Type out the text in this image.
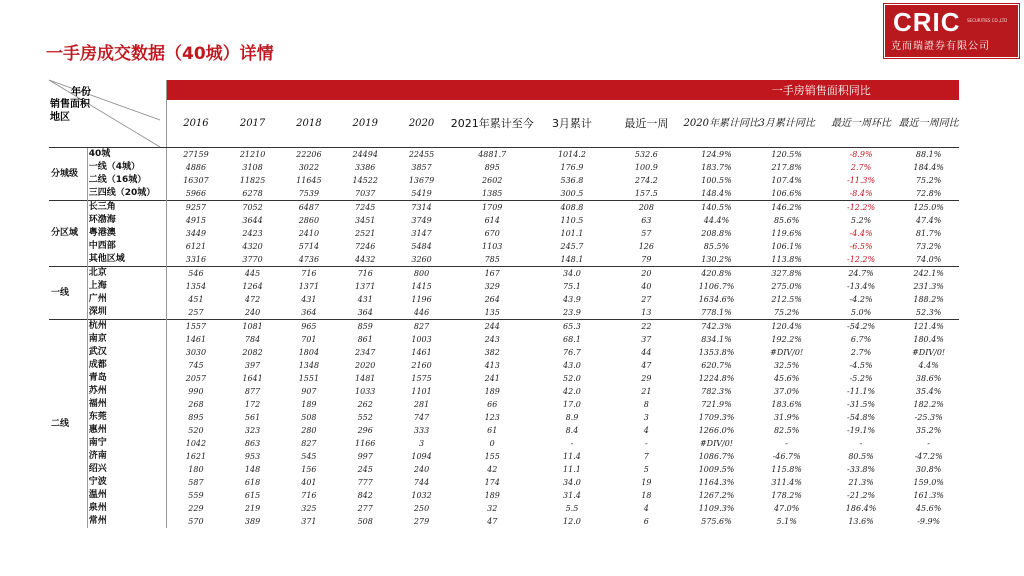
CRIC SECURITIES CO.,LTD
克而瑞證券有限公司
一手房成交数据（40城）详情
年份
销售面积
地区										一手房销售面积同比			
		2016	2017	2018	2019	2020	2021年累计至今	3月累计	最近一周	2020年累计同比	3月累计同比	最近一周环比	最近一周同比
分城级	40城	27159	21210	22206	24494	22455	4881.7	1014.2	532.6	124.9%	120.5%	-8.9%	88.1%
	一线（4城）	4886	3108	3022	3386	3857	895	176.9	100.9	183.7%	217.8%	2.7%	184.4%
	二线（16城）	16307	11825	11645	14522	13679	2602	536.8	274.2	100.5%	107.4%	-11.3%	75.2%
	三四线（20城）	5966	6278	7539	7037	5419	1385	300.5	157.5	148.4%	106.6%	-8.4%	72.8%
分区域	长三角	9257	7052	6487	7245	7314	1709	408.8	208	140.5%	146.2%	-12.2%	125.0%
	环渤海	4915	3644	2860	3451	3749	614	110.5	63	44.4%	85.6%	5.2%	47.4%
	粤港澳	3449	2423	2410	2521	3147	670	101.1	57	208.8%	119.6%	-4.4%	81.7%
	中西部	6121	4320	5714	7246	5484	1103	245.7	126	85.5%	106.1%	-6.5%	73.2%
	其他区域	3316	3770	4736	4432	3260	785	148.1	79	130.2%	113.8%	-12.2%	74.0%
一线	北京	546	445	716	716	800	167	34.0	20	420.8%	327.8%	24.7%	242.1%
	上海	1354	1264	1371	1371	1415	329	75.1	40	1106.7%	275.0%	-13.4%	231.3%
	广州	451	472	431	431	1196	264	43.9	27	1634.6%	212.5%	-4.2%	188.2%
	深圳	257	240	364	364	446	135	23.9	13	778.1%	75.2%	5.0%	52.3%
二线	杭州	1557	1081	965	859	827	244	65.3	22	742.3%	120.4%	-54.2%	121.4%
	南京	1461	784	701	861	1003	243	68.1	37	834.1%	192.2%	6.7%	180.4%
	武汉	3030	2082	1804	2347	1461	382	76.7	44	1353.8%	#DIV/0!	2.7%	#DIV/0!
	成都	745	397	1348	2020	2160	413	43.0	47	620.7%	32.5%	-4.5%	4.4%
	青岛	2057	1641	1551	1481	1575	241	52.0	29	1224.8%	45.6%	-5.2%	38.6%
	苏州	990	877	907	1033	1101	189	42.0	21	782.3%	37.0%	-11.1%	35.4%
	福州	268	172	189	262	281	66	17.0	8	721.9%	183.6%	-31.5%	182.2%
	东莞	895	561	508	552	747	123	8.9	3	1709.3%	31.9%	-54.8%	-25.3%
	惠州	520	323	280	296	333	61	8.4	4	1266.0%	82.5%	-19.1%	35.2%
	南宁	1042	863	827	1166	3	0	-	-	#DIV/0!	-	-	-
	济南	1621	953	545	997	1094	155	11.4	7	1086.7%	-46.7%	80.5%	-47.2%
	绍兴	180	148	156	245	240	42	11.1	5	1009.5%	115.8%	-33.8%	30.8%
	宁波	587	618	401	777	744	174	34.0	19	1164.3%	311.4%	21.3%	159.0%
	温州	559	615	716	842	1032	189	31.4	18	1267.2%	178.2%	-21.2%	161.3%
	泉州	229	219	325	277	250	32	5.5	4	1109.3%	47.0%	186.4%	45.6%
	常州	570	389	371	508	279	47	12.0	6	575.6%	5.1%	13.6%	-9.9%
